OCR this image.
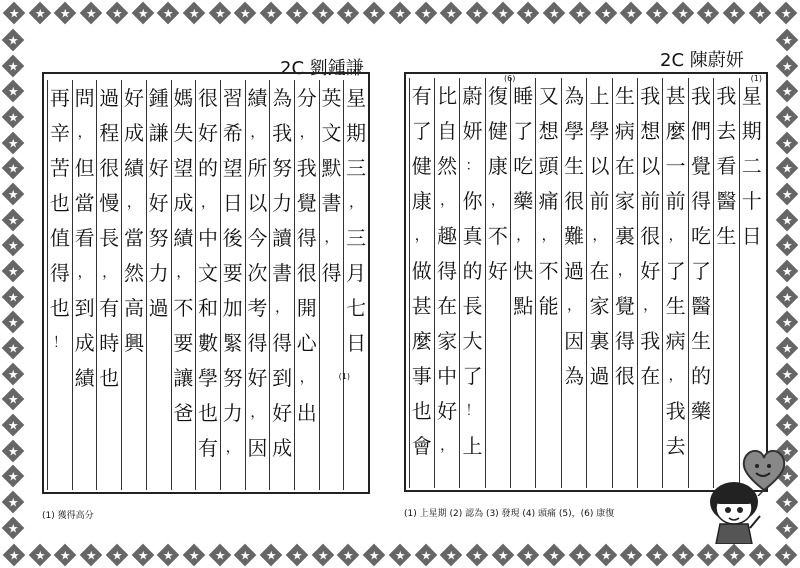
★ ★ ★ ★ ★ ★ ★ ★ ★ ★ ★ ★ ★ ★ ★ ★ ★ ★ ★ ★ ★ ★ ★ ★ ★ ★ ★ ★ ★ ★ ★
★ ★ ★ ★ ★ ★ ★ ★ ★ ★ ★ ★ ★ ★ ★ ★ ★ ★ ★ ★ ★ ★ ★ ★ ★ ★ ★ ★ ★ ★ ★
★
★
★
★
★
★
★
★
★
★
★
★
★
★
★
★
★
★
★
★
★
★
★
★
★
★
★
★
★
★
★
★
★
★
★
★
★
★
★
★
2C 劉鍾謙
星
期
三
，
三
月
七
日
英
文
默
書
，
得
分
，
我
覺
得
很
開
心
，
出
為
我
努
力
讀
書
，
得
到
好
成
績
，
所
以
今
次
考
得
好
，
因
習
希
望
日
後
要
加
緊
努
力
，
很
好
的
，
中
文
和
數
學
也
有
媽
失
望
成
績
，
不
要
讓
爸
鍾
謙
好
好
努
力
過
好
成
績
，
當
然
高
興
過
程
很
慢
長
，
有
時
也
問
，
但
當
看
，
到
成
績
再
辛
苦
也
值
得
也
！
(1)
(1) 獲得高分
2C 陳蔚妍
星
期
二
十
日
我
去
看
醫
生
我
們
覺
得
吃
了
醫
生
的
藥
甚
麼
一
前
，
了
生
病
，
我
去
我
想
以
前
很
好
，
我
在
生
病
在
家
裏
，
覺
得
很
上
學
以
前
，
在
家
裏
過
為
學
生
很
難
過
，
因
為
又
想
頭
痛
，
不
能
睡
了
吃
藥
，
快
點
復
健
康
，
不
好
蔚
妍
：
你
真
的
長
大
了
！
上
比
自
然
，
趣
得
在
家
中
好
，
有
了
健
康
，
做
甚
麼
事
也
會
(1)
(6)
(1) 上星期 (2) 認為 (3) 發現 (4) 頭痛 (5)，(6) 康復
